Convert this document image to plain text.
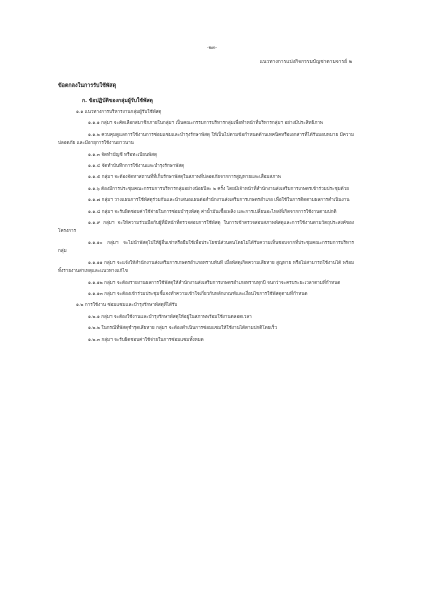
-๒๓-
แนวทางการแบ่งกิจกรรมบัญชาตามจารย์ ๒
ข้อตกลงในการรับใช้พัสดุ
ก. ข้อปฏิบัติของกลุ่มผู้รับใช้พัสดุ

๑.๑ แนวทางการบริหารงานกลุ่มผู้รับใช้พัสดุ

๑.๑.๑ กลุ่มฯ จะคัดเลือกสมาชิกภายในกลุ่มฯ เป็นคณะกรรมการบริหารกลุ่มเพื่อทำหน้าที่บริหารกลุ่มฯ อย่างมีประสิทธิภาพ

๑.๑.๒ ควบคุมดูแลการใช้งานการซ่อมแซมและบำรุงรักษาพัสดุ ให้เป็นไปตามข้อกำหนดด้านเทคนิคหรือเอกสารที่ได้รับมอบหมาย มีความปลอดภัย และมีอายุการใช้งานยาวนาน

๑.๑.๓ จัดทำบัญชี หรือทะเบียนพัสดุ

๑.๑.๔ จัดทำบันทึกการใช้งานและบำรุงรักษาพัสดุ

๑.๑.๕ กลุ่มฯ จะต้องจัดหาสถานที่ที่เก็บรักษาพัสดุในสภาพที่ปลอดภัยจากการสูญหายและเสื่อมสภาพ

๑.๑.๖ ต้องมีการประชุมคณะกรรมการบริหารกลุ่มอย่างน้อยปีละ ๒ ครั้ง โดยมีเจ้าหน้าที่สำนักงานส่งเสริมการเกษตรเข้าร่วมประชุมด้วย

๑.๑.๗ กลุ่มฯ วางแผนการใช้พัสดุร่วมกันและนำเสนอแผนต่อสำนักงานส่งเสริมการเกษตรอำเภอ เพื่อใช้ในการติดตามผลการดำเนินงาน

๑.๑.๘ กลุ่มฯ จะรับผิดชอบค่าใช้จ่ายในการซ่อมบำรุงพัสดุ ค่าน้ำมันเชื้อเพลิง และการเปลี่ยนอะไหล่ที่เกิดจากการใช้งานตามปกติ

๑.๑.๙ กลุ่มฯ จะให้ความร่วมมือกับผู้ที่มีหน้าที่ตรวจสอบการใช้พัสดุ ในการเข้าตรวจสอบสภาพพัสดุและการใช้งานตามวัตถุประสงค์ของโครงการ

๑.๑.๑๐ กลุ่มฯ จะไม่นำพัสดุไปให้ผู้อื่นเช่าหรือยืมใช้เพื่อประโยชน์ส่วนตนโดยไม่ได้รับความเห็นชอบจากที่ประชุมคณะกรรมการบริหารกลุ่ม

๑.๑.๑๑ กลุ่มฯ จะแจ้งให้สำนักงานส่งเสริมการเกษตรอำเภอทราบทันที เมื่อพัสดุเกิดความเสียหาย สูญหาย หรือไม่สามารถใช้งานได้ พร้อมทั้งรายงานสาเหตุและแนวทางแก้ไข

๑.๑.๑๒ กลุ่มฯ จะต้องรายงานผลการใช้พัสดุให้สำนักงานส่งเสริมการเกษตรอำเภอทราบทุกปี จนกว่าจะครบระยะเวลาตามที่กำหนด

๑.๑.๑๓ กลุ่มฯ จะต้องเข้าร่วมประชุมชี้แจงทำความเข้าใจเกี่ยวกับหลักเกณฑ์และเงื่อนไขการใช้พัสดุตามที่กำหนด

๑.๒ การใช้งาน ซ่อมแซมและบำรุงรักษาพัสดุที่ได้รับ

๑.๒.๑ กลุ่มฯ จะต้องใช้งานและบำรุงรักษาพัสดุให้อยู่ในสภาพพร้อมใช้งานตลอดเวลา

๑.๒.๒ ในกรณีที่พัสดุชำรุดเสียหาย กลุ่มฯ จะต้องดำเนินการซ่อมแซมให้ใช้งานได้ตามปกติโดยเร็ว

๑.๒.๓ กลุ่มฯ จะรับผิดชอบค่าใช้จ่ายในการซ่อมแซมทั้งหมด
